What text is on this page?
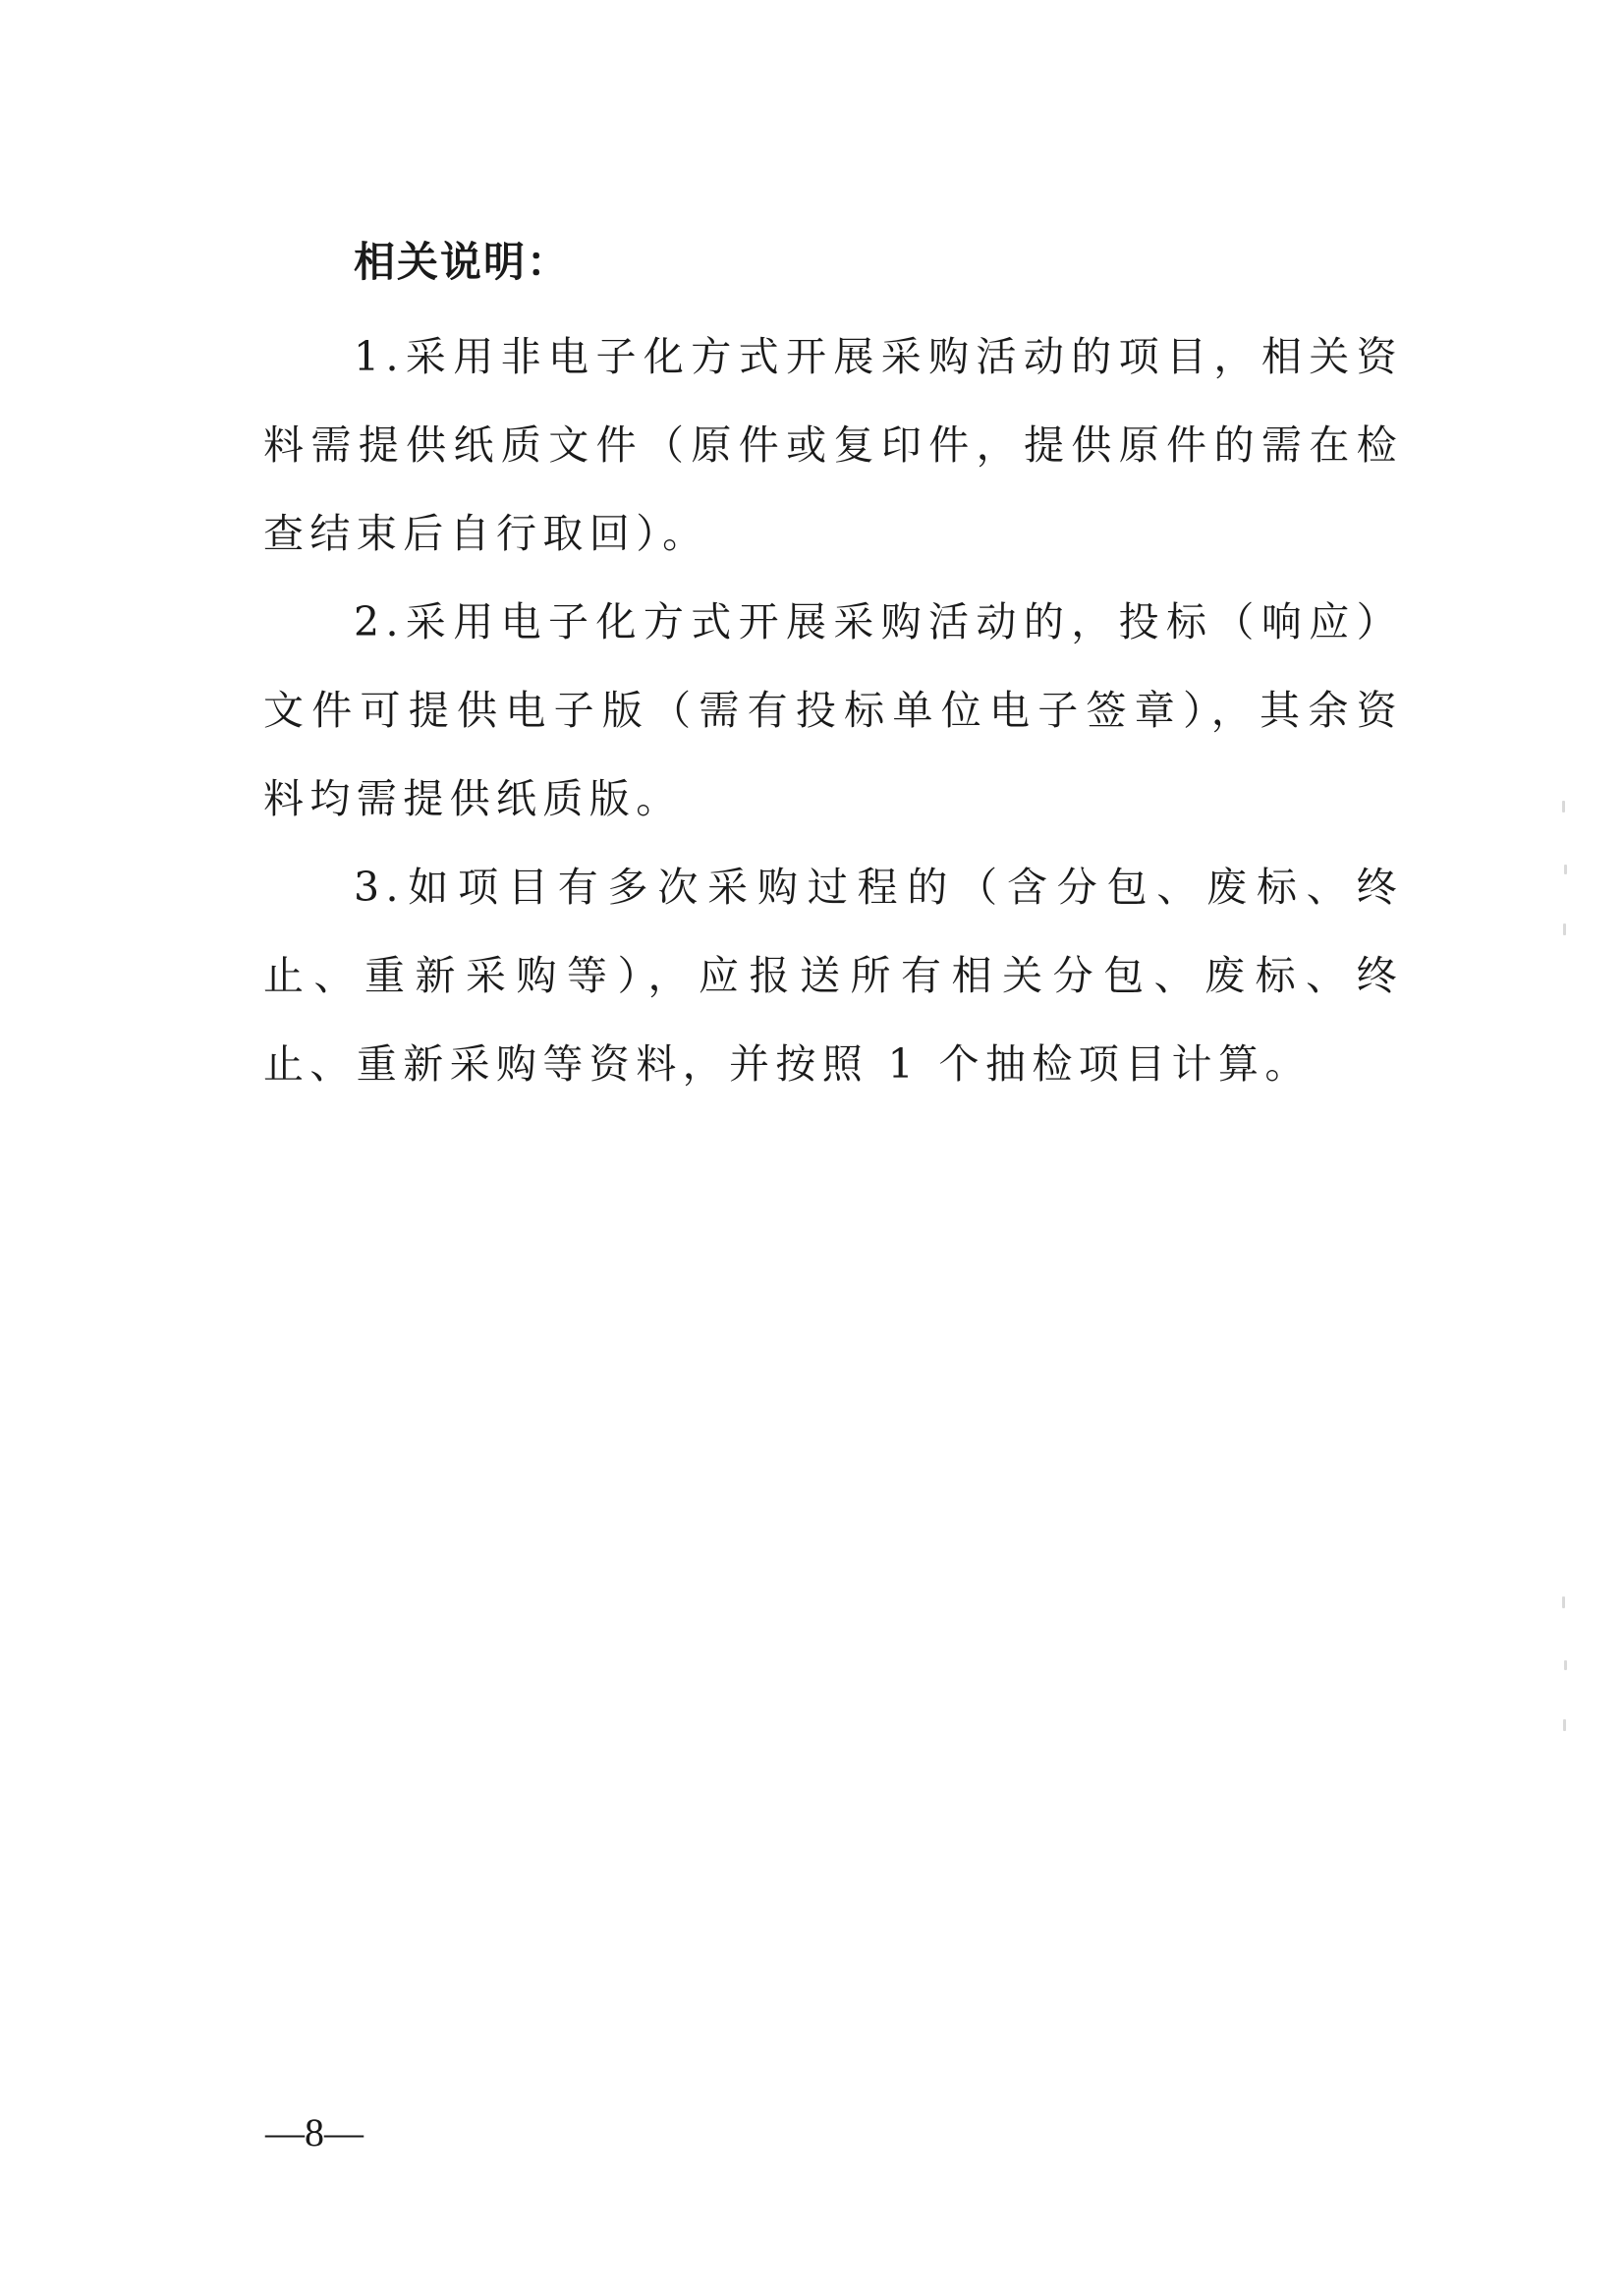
相关说明：

1.采用非电子化方式开展采购活动的项目，相关资料需提供纸质文件（原件或复印件，提供原件的需在检查结束后自行取回）。

2.采用电子化方式开展采购活动的，投标（响应）文件可提供电子版（需有投标单位电子签章），其余资料均需提供纸质版。

3.如项目有多次采购过程的（含分包、废标、终止、重新采购等），应报送所有相关分包、废标、终止、重新采购等资料，并按照 1 个抽检项目计算。

—8—
